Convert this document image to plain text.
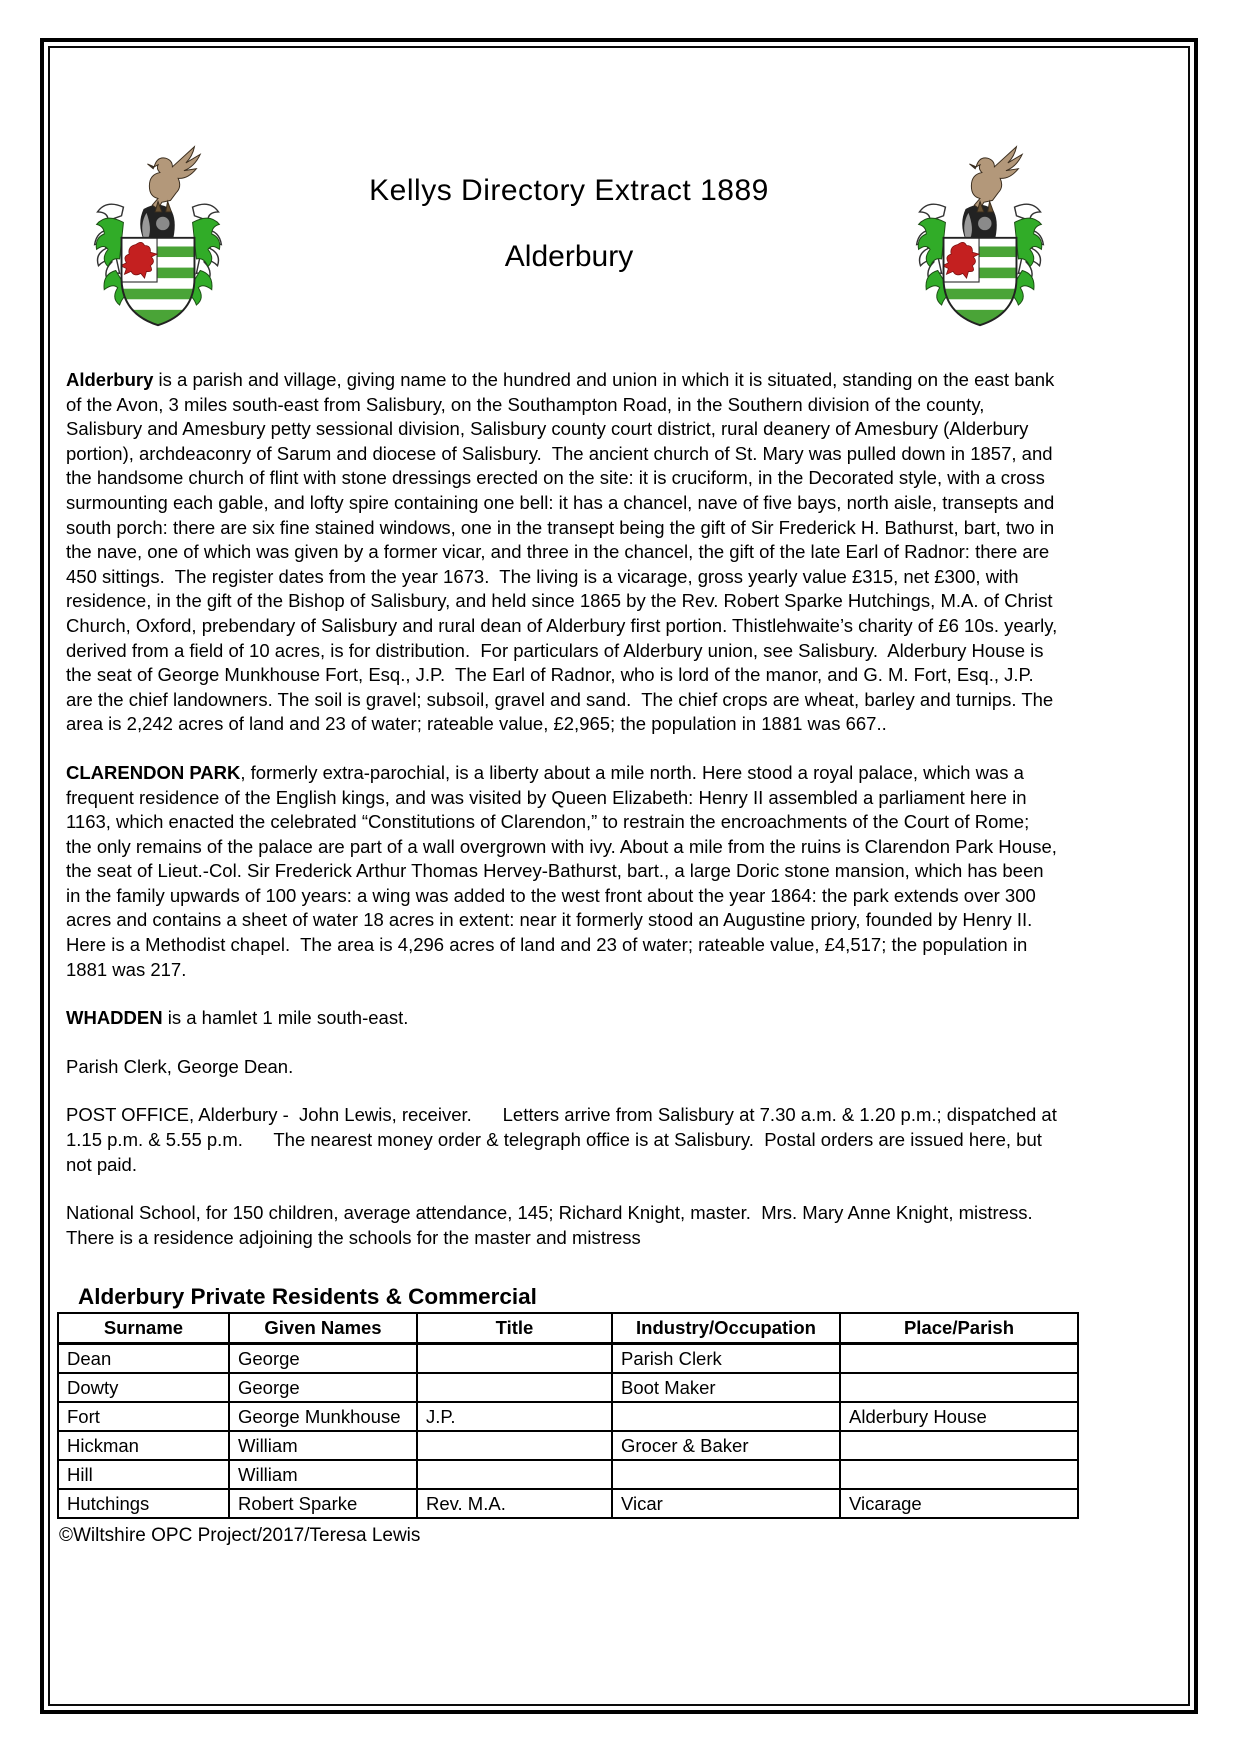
Kellys Directory Extract 1889
Alderbury

Alderbury is a parish and village, giving name to the hundred and union in which it is situated, standing on the east bank of the Avon, 3 miles south-east from Salisbury, on the Southampton Road, in the Southern division of the county, Salisbury and Amesbury petty sessional division, Salisbury county court district, rural deanery of Amesbury (Alderbury portion), archdeaconry of Sarum and diocese of Salisbury.  The ancient church of St. Mary was pulled down in 1857, and the handsome church of flint with stone dressings erected on the site: it is cruciform, in the Decorated style, with a cross surmounting each gable, and lofty spire containing one bell: it has a chancel, nave of five bays, north aisle, transepts and south porch: there are six fine stained windows, one in the transept being the gift of Sir Frederick H. Bathurst, bart, two in the nave, one of which was given by a former vicar, and three in the chancel, the gift of the late Earl of Radnor: there are 450 sittings.  The register dates from the year 1673.  The living is a vicarage, gross yearly value £315, net £300, with residence, in the gift of the Bishop of Salisbury, and held since 1865 by the Rev. Robert Sparke Hutchings, M.A. of Christ Church, Oxford, prebendary of Salisbury and rural dean of Alderbury first portion. Thistlehwaite’s charity of £6 10s. yearly, derived from a field of 10 acres, is for distribution.  For particulars of Alderbury union, see Salisbury.  Alderbury House is the seat of George Munkhouse Fort, Esq., J.P.  The Earl of Radnor, who is lord of the manor, and G. M. Fort, Esq., J.P. are the chief landowners. The soil is gravel; subsoil, gravel and sand.  The chief crops are wheat, barley and turnips. The area is 2,242 acres of land and 23 of water; rateable value, £2,965; the population in 1881 was 667..

CLARENDON PARK, formerly extra-parochial, is a liberty about a mile north. Here stood a royal palace, which was a frequent residence of the English kings, and was visited by Queen Elizabeth: Henry II assembled a parliament here in 1163, which enacted the celebrated “Constitutions of Clarendon,” to restrain the encroachments of the Court of Rome; the only remains of the palace are part of a wall overgrown with ivy. About a mile from the ruins is Clarendon Park House, the seat of Lieut.-Col. Sir Frederick Arthur Thomas Hervey-Bathurst, bart., a large Doric stone mansion, which has been in the family upwards of 100 years: a wing was added to the west front about the year 1864: the park extends over 300 acres and contains a sheet of water 18 acres in extent: near it formerly stood an Augustine priory, founded by Henry II.  Here is a Methodist chapel.  The area is 4,296 acres of land and 23 of water; rateable value, £4,517; the population in 1881 was 217.

WHADDEN is a hamlet 1 mile south-east.

Parish Clerk, George Dean.

POST OFFICE, Alderbury -  John Lewis, receiver.      Letters arrive from Salisbury at 7.30 a.m. & 1.20 p.m.; dispatched at 1.15 p.m. & 5.55 p.m.      The nearest money order & telegraph office is at Salisbury.  Postal orders are issued here, but not paid.

National School, for 150 children, average attendance, 145; Richard Knight, master.  Mrs. Mary Anne Knight, mistress.  There is a residence adjoining the schools for the master and mistress

Alderbury Private Residents & Commercial
Surname	Given Names	Title	Industry/Occupation	Place/Parish
Dean	George		Parish Clerk	
Dowty	George		Boot Maker	
Fort	George Munkhouse	J.P.		Alderbury House
Hickman	William		Grocer & Baker	
Hill	William			
Hutchings	Robert Sparke	Rev. M.A.	Vicar	Vicarage
©Wiltshire OPC Project/2017/Teresa Lewis
